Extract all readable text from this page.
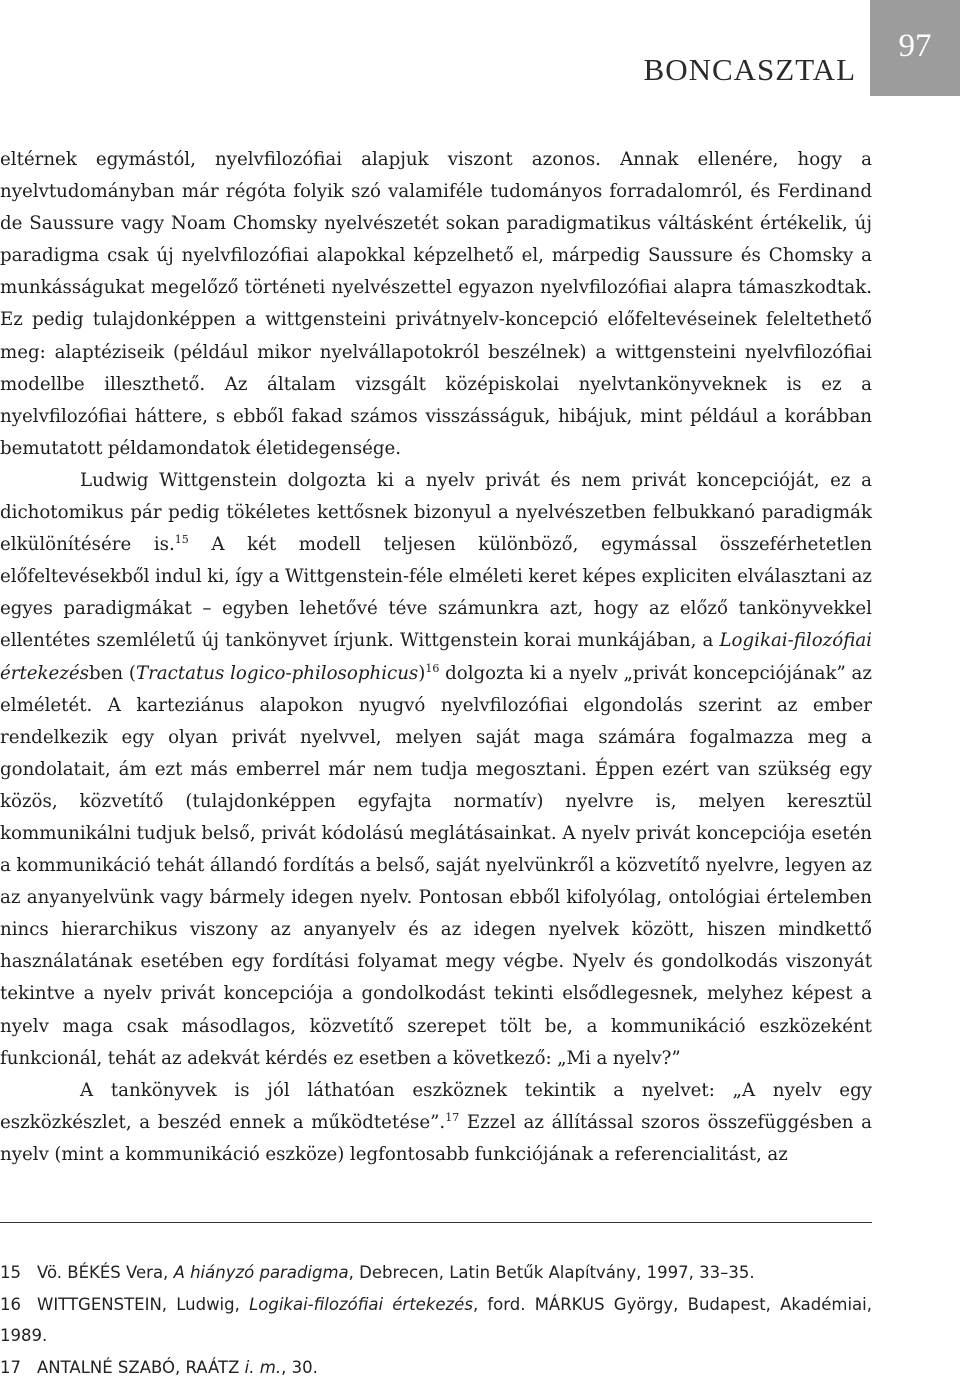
BONCASZTAL
97

eltérnek egymástól, nyelvfilozófiai alapjuk viszont azonos. Annak ellenére, hogy a nyelvtudományban már régóta folyik szó valamiféle tudományos forradalomról, és Ferdinand de Saussure vagy Noam Chomsky nyelvészetét sokan paradigmatikus váltásként értékelik, új paradigma csak új nyelvfilozófiai alapokkal képzelhető el, márpedig Saussure és Chomsky a munkásságukat megelőző történeti nyelvészettel egyazon nyelvfilozófiai alapra támaszkodtak. Ez pedig tulajdonképpen a wittgensteini privátnyelv-koncepció előfeltevéseinek feleltethető meg: alaptéziseik (például mikor nyelvállapotokról beszélnek) a wittgensteini nyelvfilozófiai modellbe illeszthető. Az általam vizsgált középiskolai nyelvtankönyveknek is ez a nyelvfilozófiai háttere, s ebből fakad számos visszásságuk, hibájuk, mint például a korábban bemutatott példamondatok életidegensége.

Ludwig Wittgenstein dolgozta ki a nyelv privát és nem privát koncepcióját, ez a dichotomikus pár pedig tökéletes kettősnek bizonyul a nyelvészetben felbukkanó paradigmák elkülönítésére is.$^{15}$ A két modell teljesen különböző, egymással összeférhetetlen előfeltevésekből indul ki, így a Wittgenstein-féle elméleti keret képes expliciten elválasztani az egyes paradigmákat – egyben lehetővé téve számunkra azt, hogy az előző tankönyvekkel ellentétes szemléletű új tankönyvet írjunk. Wittgenstein korai munkájában, a Logikai-filozófiai értekezésben (Tractatus logico-philosophicus)$^{16}$ dolgozta ki a nyelv „privát koncepciójának” az elméletét. A karteziánus alapokon nyugvó nyelvfilozófiai elgondolás szerint az ember rendelkezik egy olyan privát nyelvvel, melyen saját maga számára fogalmazza meg a gondolatait, ám ezt más emberrel már nem tudja megosztani. Éppen ezért van szükség egy közös, közvetítő (tulajdonképpen egyfajta normatív) nyelvre is, melyen keresztül kommunikálni tudjuk belső, privát kódolású meglátásainkat. A nyelv privát koncepciója esetén a kommunikáció tehát állandó fordítás a belső, saját nyelvünkről a közvetítő nyelvre, legyen az az anyanyelvünk vagy bármely idegen nyelv. Pontosan ebből kifolyólag, ontológiai értelemben nincs hierarchikus viszony az anyanyelv és az idegen nyelvek között, hiszen mindkettő használatának esetében egy fordítási folyamat megy végbe. Nyelv és gondolkodás viszonyát tekintve a nyelv privát koncepciója a gondolkodást tekinti elsődlegesnek, melyhez képest a nyelv maga csak másodlagos, közvetítő szerepet tölt be, a kommunikáció eszközeként funkcionál, tehát az adekvát kérdés ez esetben a következő: „Mi a nyelv?”

A tankönyvek is jól láthatóan eszköznek tekintik a nyelvet: „A nyelv egy eszközkészlet, a beszéd ennek a működtetése”.$^{17}$ Ezzel az állítással szoros összefüggésben a nyelv (mint a kommunikáció eszköze) legfontosabb funkciójának a referencialitást, az

15 Vö. BÉKÉS Vera, A hiányzó paradigma, Debrecen, Latin Betűk Alapítvány, 1997, 33–35.

16 WITTGENSTEIN, Ludwig, Logikai-filozófiai értekezés, ford. MÁRKUS György, Budapest, Akadémiai, 1989.

17 ANTALNÉ SZABÓ, RAÁTZ i. m., 30.
